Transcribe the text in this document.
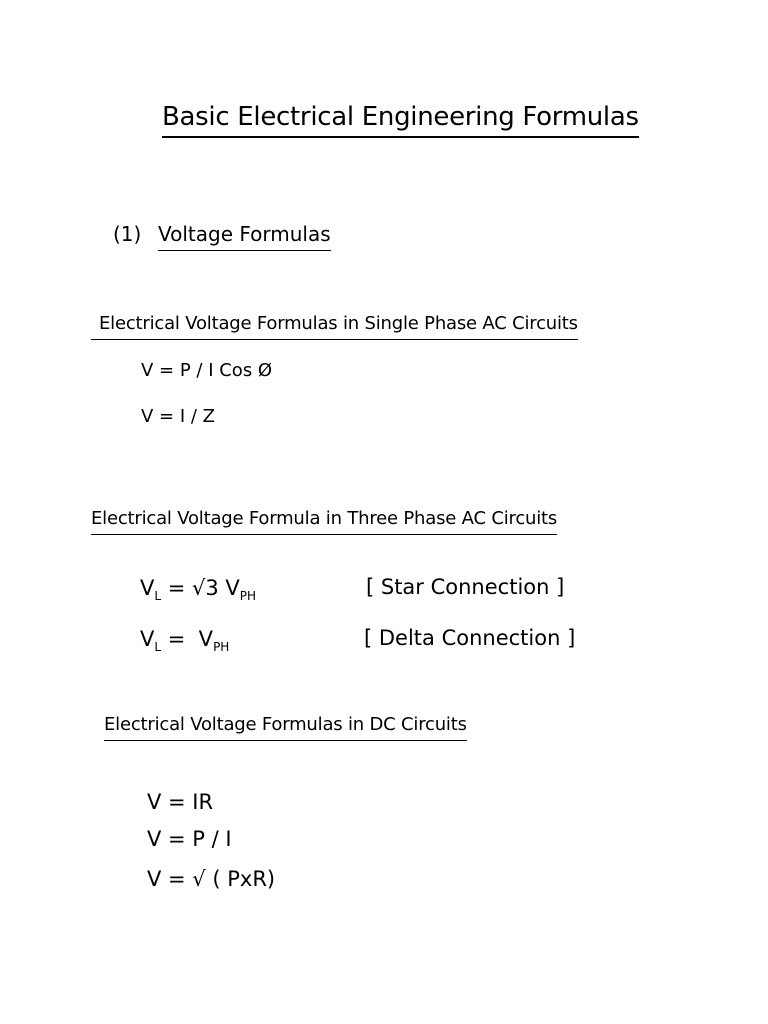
Basic Electrical Engineering Formulas
(1) Voltage Formulas
Electrical Voltage Formulas in Single Phase AC Circuits
V = P / I Cos Ø
V = I / Z
Electrical Voltage Formula in Three Phase AC Circuits
$V_L = √3$ $V_{PH}$	[ Star Connection ]
$V_L = V_{PH}$	[ Delta Connection ]
Electrical Voltage Formulas in DC Circuits
V = IR
V = P / I
V = √ ( PxR)
